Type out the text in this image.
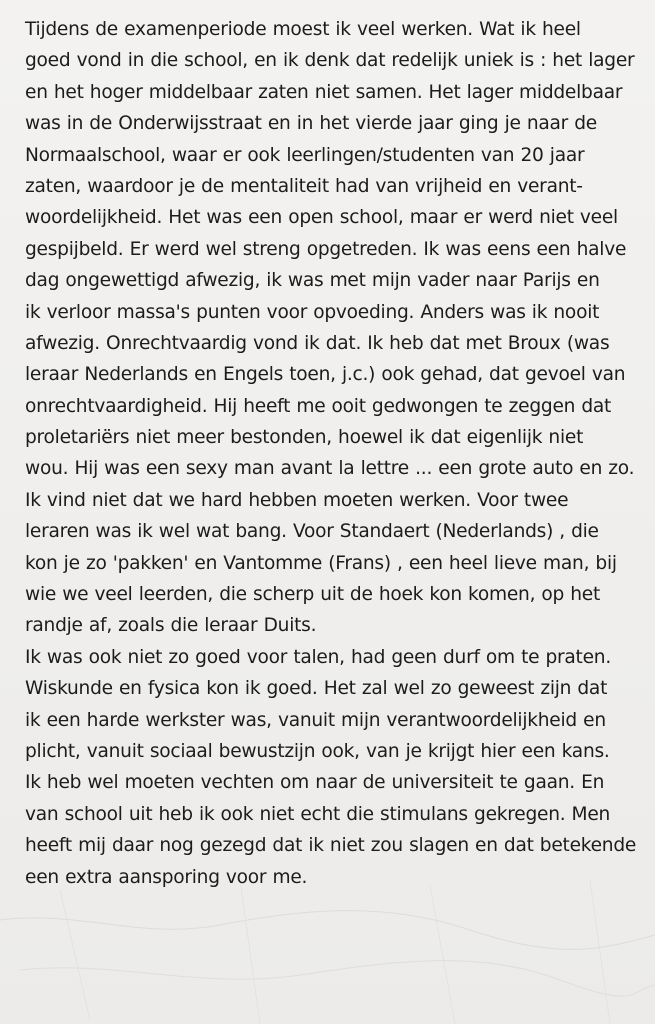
Tijdens de examenperiode moest ik veel werken. Wat ik heel
goed vond in die school, en ik denk dat redelijk uniek is : het lager
en het hoger middelbaar zaten niet samen. Het lager middelbaar
was in de Onderwijsstraat en in het vierde jaar ging je naar de
Normaalschool, waar er ook leerlingen/studenten van 20 jaar
zaten, waardoor je de mentaliteit had van vrijheid en verant-
woordelijkheid. Het was een open school, maar er werd niet veel
gespijbeld. Er werd wel streng opgetreden. Ik was eens een halve
dag ongewettigd afwezig, ik was met mijn vader naar Parijs en
ik verloor massa's punten voor opvoeding. Anders was ik nooit
afwezig. Onrechtvaardig vond ik dat. Ik heb dat met Broux (was
leraar Nederlands en Engels toen, j.c.) ook gehad, dat gevoel van
onrechtvaardigheid. Hij heeft me ooit gedwongen te zeggen dat
proletariërs niet meer bestonden, hoewel ik dat eigenlijk niet
wou. Hij was een sexy man avant la lettre ... een grote auto en zo.
Ik vind niet dat we hard hebben moeten werken. Voor twee
leraren was ik wel wat bang. Voor Standaert (Nederlands) , die
kon je zo 'pakken' en Vantomme (Frans) , een heel lieve man, bij
wie we veel leerden, die scherp uit de hoek kon komen, op het
randje af, zoals die leraar Duits.
Ik was ook niet zo goed voor talen, had geen durf om te praten.
Wiskunde en fysica kon ik goed. Het zal wel zo geweest zijn dat
ik een harde werkster was, vanuit mijn verantwoordelijkheid en
plicht, vanuit sociaal bewustzijn ook, van je krijgt hier een kans.
Ik heb wel moeten vechten om naar de universiteit te gaan. En
van school uit heb ik ook niet echt die stimulans gekregen. Men
heeft mij daar nog gezegd dat ik niet zou slagen en dat betekende
een extra aansporing voor me.
